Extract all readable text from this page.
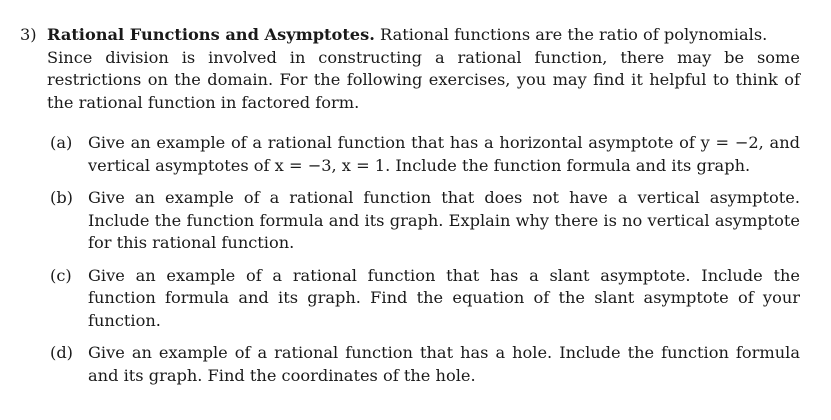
3) Rational Functions and Asymptotes. Rational functions are the ratio of polynomials.
Since division is involved in constructing a rational function, there may be some restrictions on the domain. For the following exercises, you may find it helpful to think of the rational function in factored form.
(a) Give an example of a rational function that has a horizontal asymptote of y = −2, and vertical asymptotes of x = −3, x = 1. Include the function formula and its graph.
(b) Give an example of a rational function that does not have a vertical asymptote. Include the function formula and its graph. Explain why there is no vertical asymptote for this rational function.
(c) Give an example of a rational function that has a slant asymptote. Include the function formula and its graph. Find the equation of the slant asymptote of your function.
(d) Give an example of a rational function that has a hole. Include the function formula and its graph. Find the coordinates of the hole.
